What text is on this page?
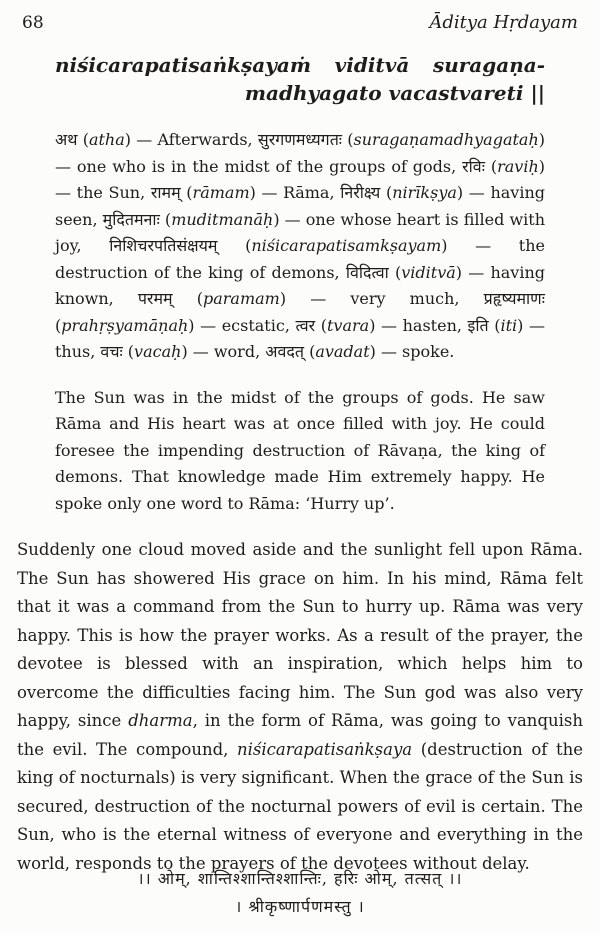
68	Āditya Hṛdayam
niśicarapatisaṅkṣayaṁ viditvā suragaṇa-
madhyagato vacastvareti ||

अथ (atha) — Afterwards, सुरगणमध्यगतः (suragaṇamadhyagataḥ) — one who is in the midst of the groups of gods, रविः (raviḥ) — the Sun, रामम् (rāmam) — Rāma, निरीक्ष्य (nirīkṣya) — having seen, मुदितमनाः (muditmanāḥ) — one whose heart is filled with joy, निशिचरपतिसंक्षयम् (niśicarapatisamkṣayam) — the destruction of the king of demons, विदित्वा (viditvā) — having known, परमम् (paramam) — very much, प्रहृष्यमाणः (prahṛṣyamāṇaḥ) — ecstatic, त्वर (tvara) — hasten, इति (iti) — thus, वचः (vacaḥ) — word, अवदत् (avadat) — spoke.

The Sun was in the midst of the groups of gods. He saw Rāma and His heart was at once filled with joy. He could foresee the impending destruction of Rāvaṇa, the king of demons. That knowledge made Him extremely happy. He spoke only one word to Rāma: ‘Hurry up’.

Suddenly one cloud moved aside and the sunlight fell upon Rāma. The Sun has showered His grace on him. In his mind, Rāma felt that it was a command from the Sun to hurry up. Rāma was very happy. This is how the prayer works. As a result of the prayer, the devotee is blessed with an inspiration, which helps him to overcome the difficulties facing him. The Sun god was also very happy, since dharma, in the form of Rāma, was going to vanquish the evil. The compound, niśicarapatisaṅkṣaya (destruction of the king of nocturnals) is very significant. When the grace of the Sun is secured, destruction of the nocturnal powers of evil is certain. The Sun, who is the eternal witness of everyone and everything in the world, responds to the prayers of the devotees without delay.

।। ओम्, शान्तिश्शान्तिश्शान्तिः, हरिः ओम्, तत्सत् ।।
। श्रीकृष्णार्पणमस्तु ।
